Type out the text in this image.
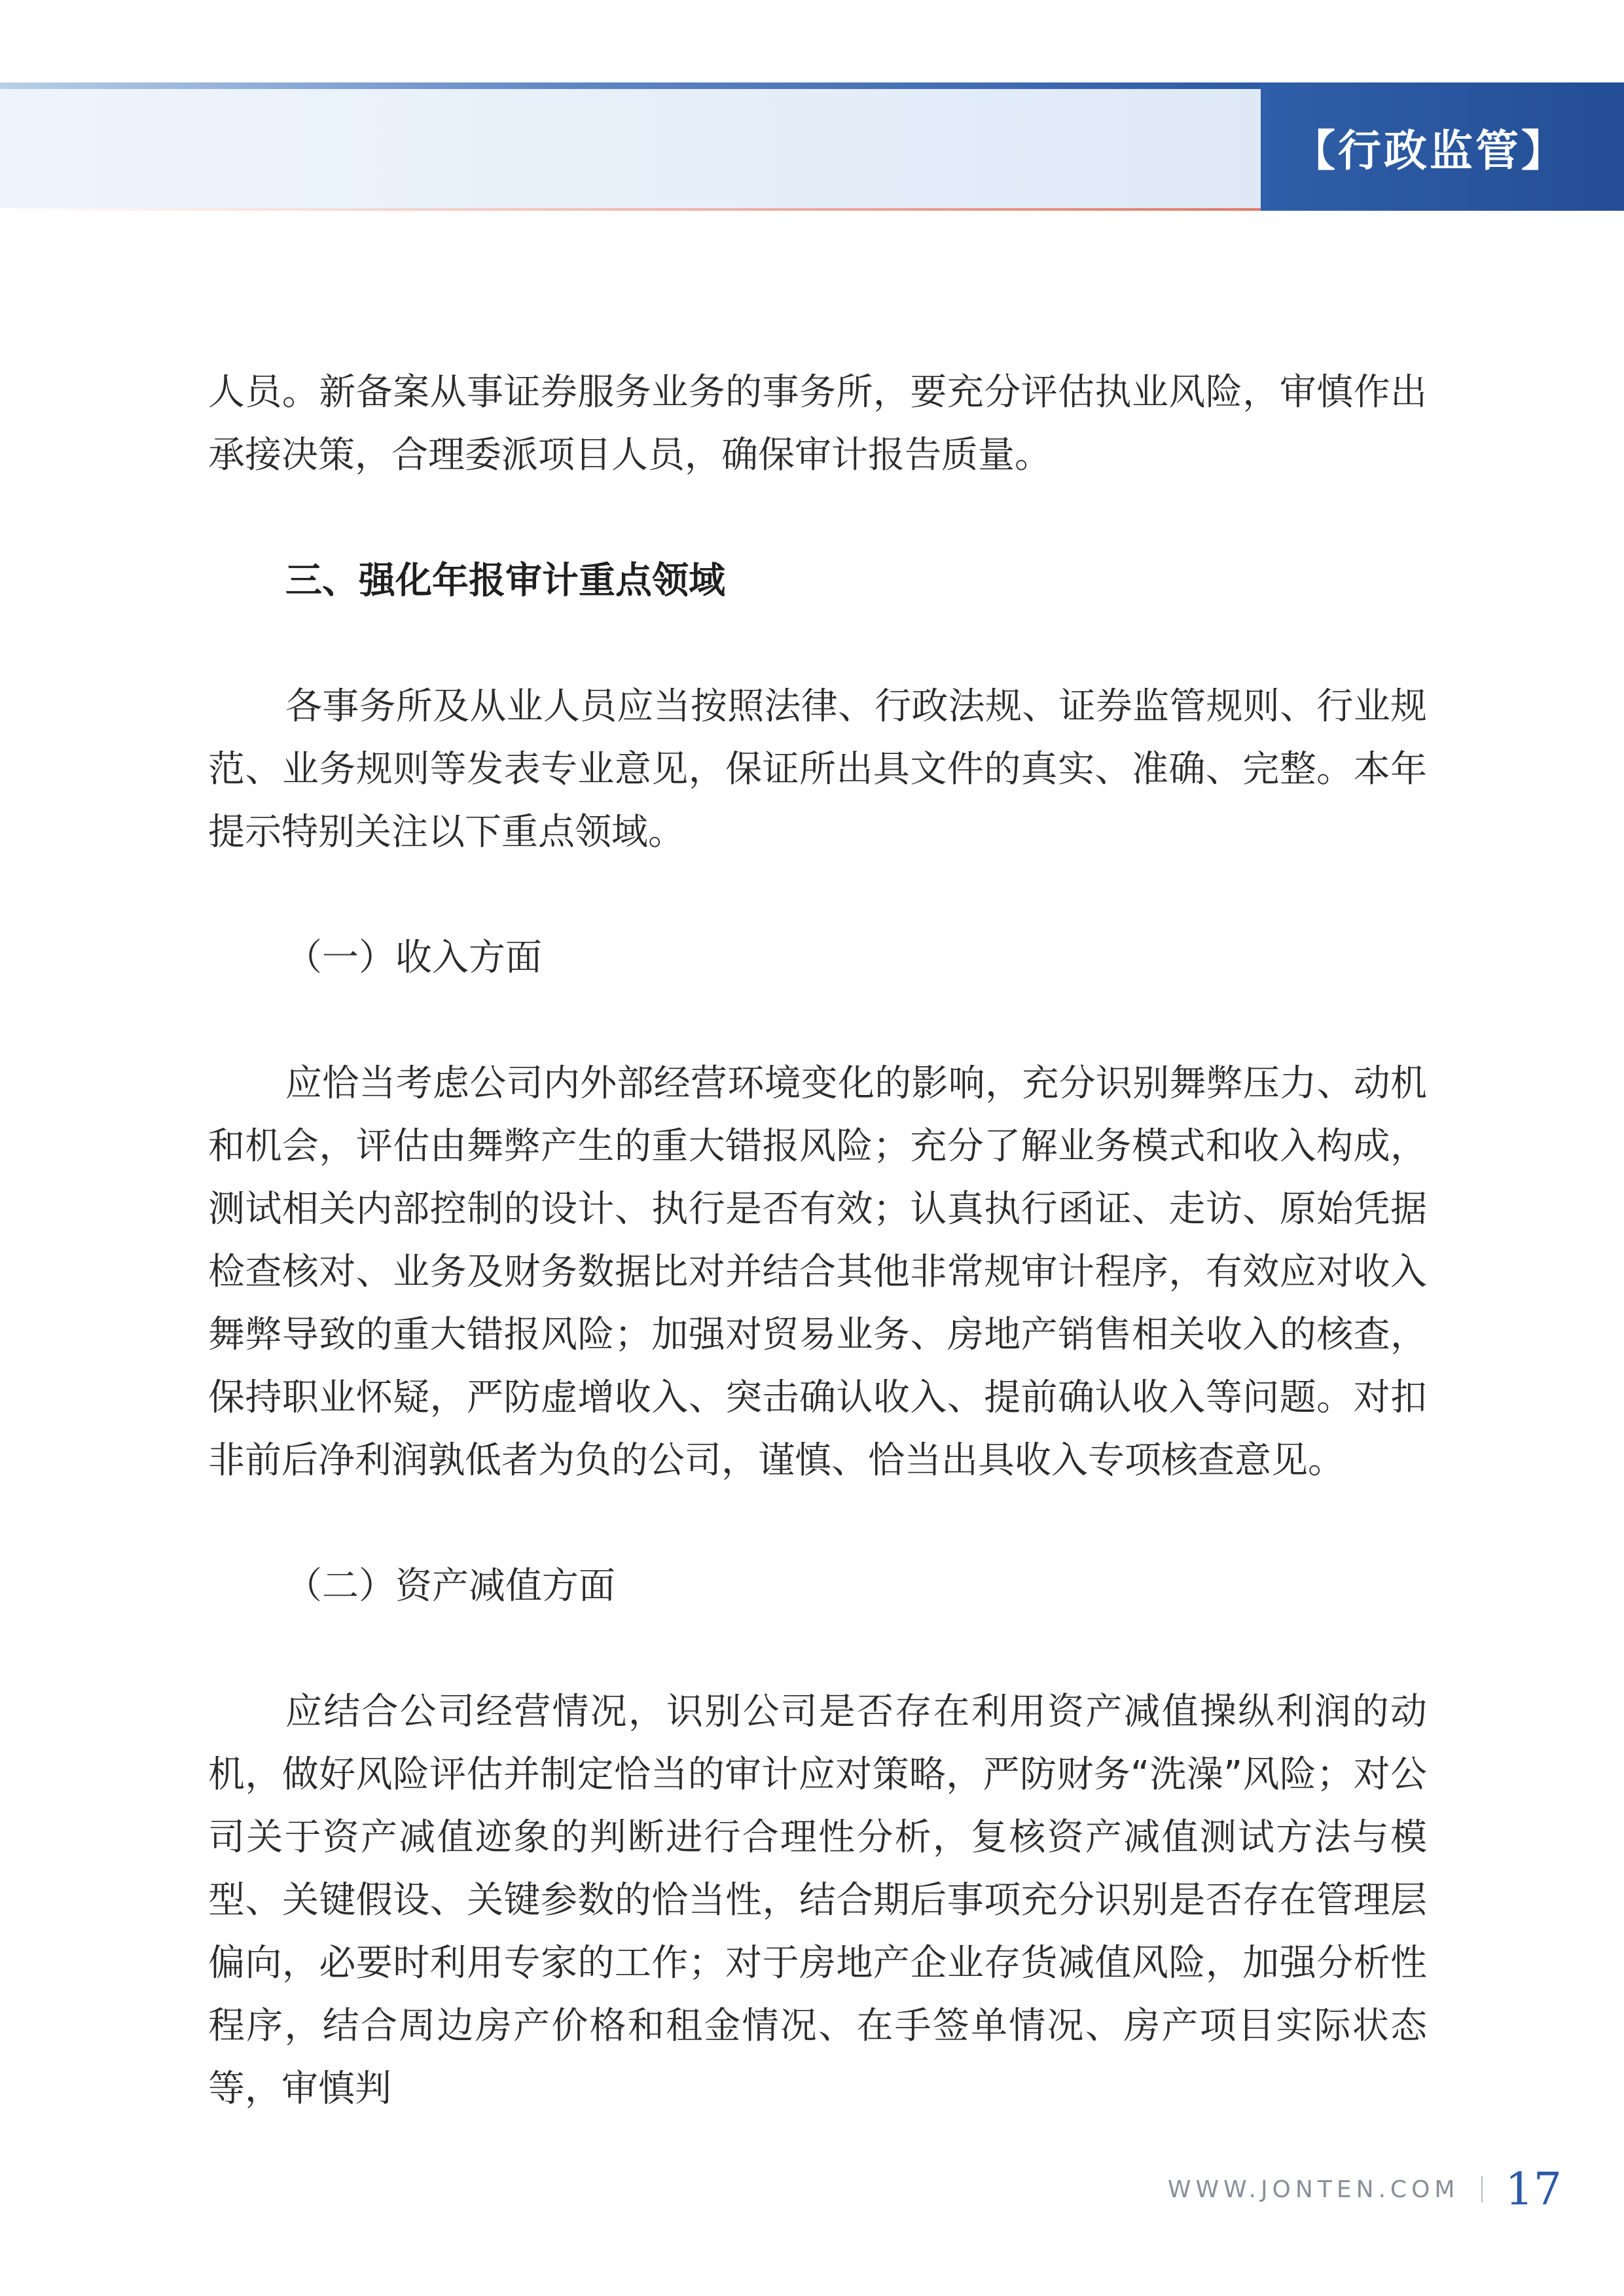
【行政监管】

人员。新备案从事证券服务业务的事务所，要充分评估执业风险，审慎作出承接决策，合理委派项目人员，确保审计报告质量。

三、强化年报审计重点领域

各事务所及从业人员应当按照法律、行政法规、证券监管规则、行业规范、业务规则等发表专业意见，保证所出具文件的真实、准确、完整。本年提示特别关注以下重点领域。

（一）收入方面

应恰当考虑公司内外部经营环境变化的影响，充分识别舞弊压力、动机和机会，评估由舞弊产生的重大错报风险；充分了解业务模式和收入构成，测试相关内部控制的设计、执行是否有效；认真执行函证、走访、原始凭据检查核对、业务及财务数据比对并结合其他非常规审计程序，有效应对收入舞弊导致的重大错报风险；加强对贸易业务、房地产销售相关收入的核查，保持职业怀疑，严防虚增收入、突击确认收入、提前确认收入等问题。对扣非前后净利润孰低者为负的公司，谨慎、恰当出具收入专项核查意见。

（二）资产减值方面

应结合公司经营情况，识别公司是否存在利用资产减值操纵利润的动机，做好风险评估并制定恰当的审计应对策略，严防财务“洗澡”风险；对公司关于资产减值迹象的判断进行合理性分析，复核资产减值测试方法与模型、关键假设、关键参数的恰当性，结合期后事项充分识别是否存在管理层偏向，必要时利用专家的工作；对于房地产企业存货减值风险，加强分析性程序，结合周边房产价格和租金情况、在手签单情况、房产项目实际状态等，审慎判

WWW.JONTEN.COM 17
